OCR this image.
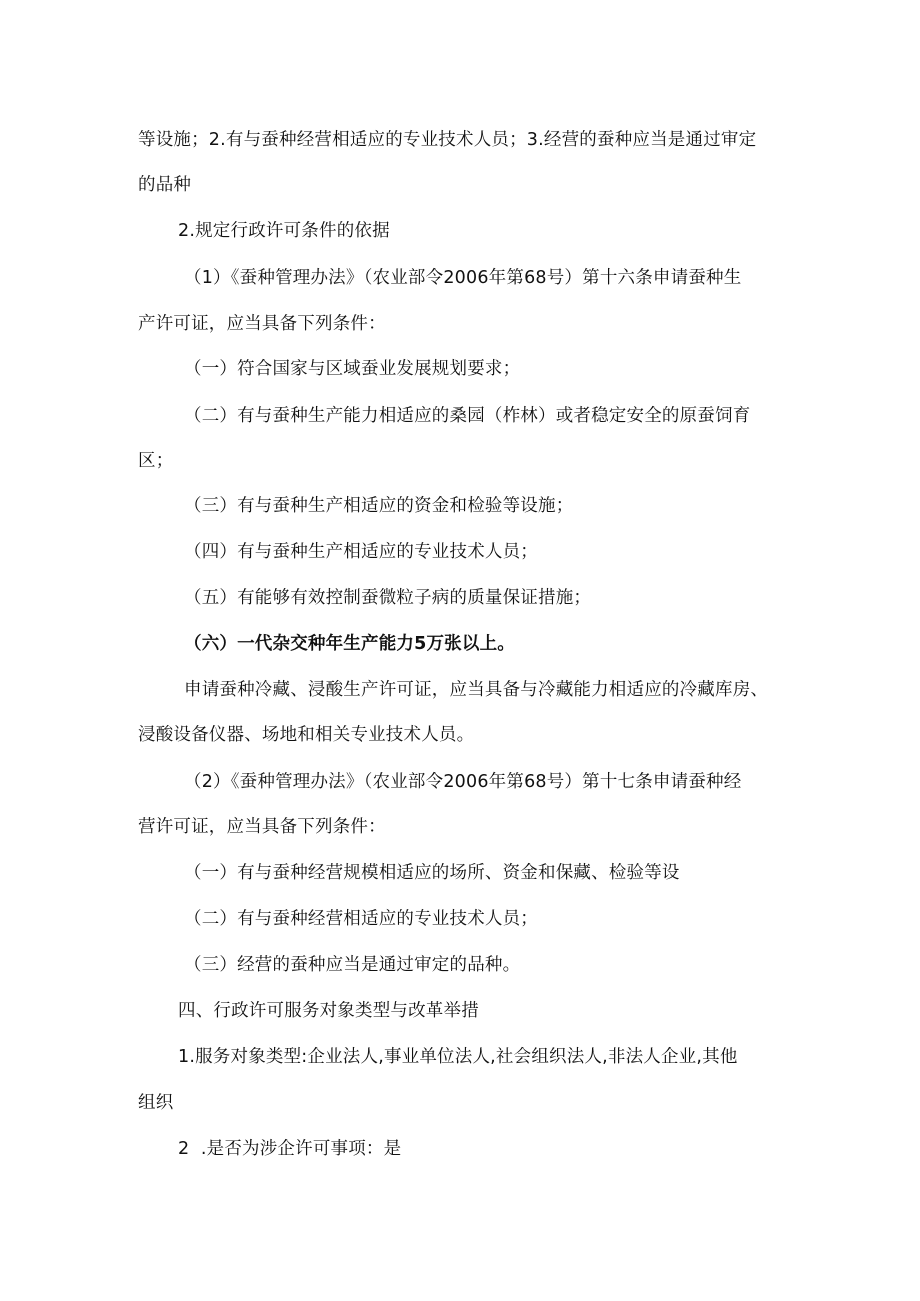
等设施；2.有与蚕种经营相适应的专业技术人员；3.经营的蚕种应当是通过审定
的品种
2.规定行政许可条件的依据
（1）《蚕种管理办法》（农业部令2006年第68号）第十六条申请蚕种生
产许可证，应当具备下列条件：
（一）符合国家与区域蚕业发展规划要求；
（二）有与蚕种生产能力相适应的桑园（柞林）或者稳定安全的原蚕饲育
区；
（三）有与蚕种生产相适应的资金和检验等设施；
（四）有与蚕种生产相适应的专业技术人员；
（五）有能够有效控制蚕微粒子病的质量保证措施；
（六）一代杂交种年生产能力5万张以上。
申请蚕种冷藏、浸酸生产许可证，应当具备与冷藏能力相适应的冷藏库房、
浸酸设备仪器、场地和相关专业技术人员。
（2）《蚕种管理办法》（农业部令2006年第68号）第十七条申请蚕种经
营许可证，应当具备下列条件：
（一）有与蚕种经营规模相适应的场所、资金和保藏、检验等设
（二）有与蚕种经营相适应的专业技术人员；
（三）经营的蚕种应当是通过审定的品种。
四、行政许可服务对象类型与改革举措
1.服务对象类型:企业法人,事业单位法人,社会组织法人,非法人企业,其他
组织
2  .是否为涉企许可事项：是
